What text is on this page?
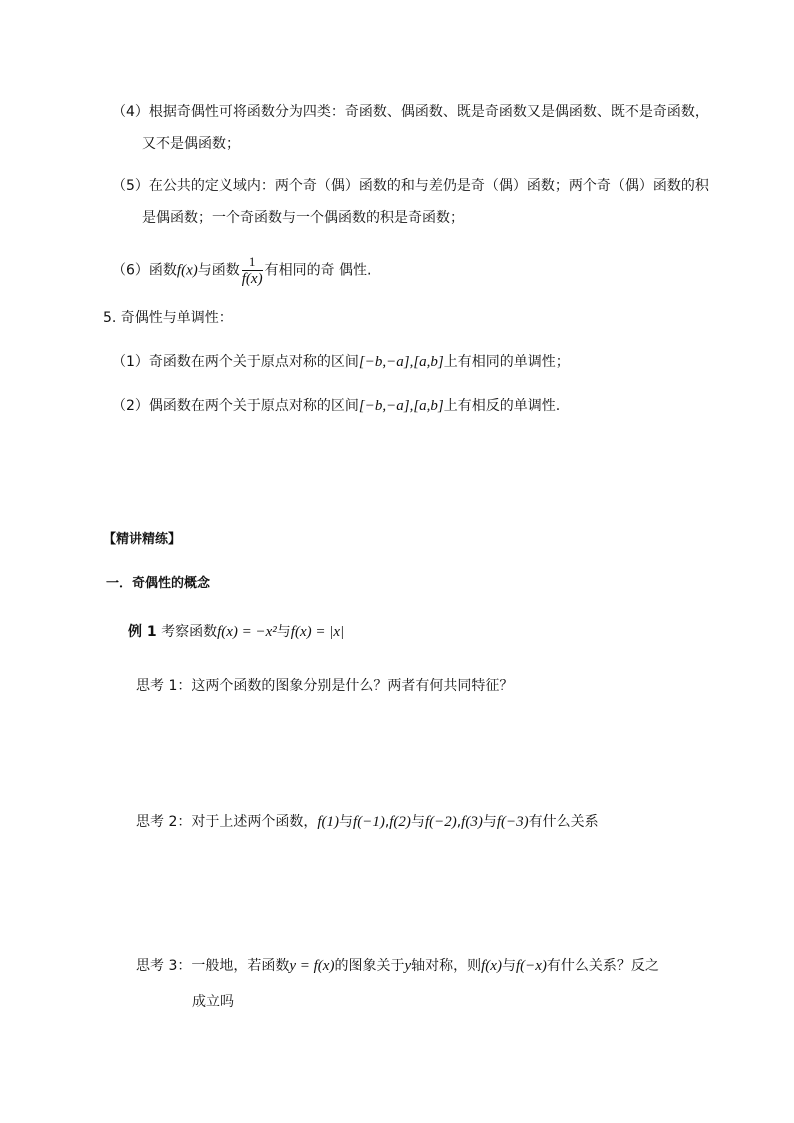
（4）根据奇偶性可将函数分为四类：奇函数、偶函数、既是奇函数又是偶函数、既不是奇函数，
又不是偶函数；
（5）在公共的定义域内：两个奇（偶）函数的和与差仍是奇（偶）函数；两个奇（偶）函数的积
是偶函数；一个奇函数与一个偶函数的积是奇函数；
（6）函数f(x)与函数 $\frac{1}{f(x)}$ 有相同的奇 偶性.
5. 奇偶性与单调性：
（1）奇函数在两个关于原点对称的区间[−b,−a],[a,b]上有相同的单调性；
（2）偶函数在两个关于原点对称的区间[−b,−a],[a,b]上有相反的单调性.
【精讲精练】
一．奇偶性的概念
例 1 考察函数f(x) = −x²与f(x) = |x|
思考 1：这两个函数的图象分别是什么？两者有何共同特征？
思考 2：对于上述两个函数，f(1)与f(−1),f(2)与f(−2),f(3)与f(−3)有什么关系
思考 3：一般地，若函数y = f(x)的图象关于y轴对称，则f(x)与f(−x)有什么关系？反之
成立吗
